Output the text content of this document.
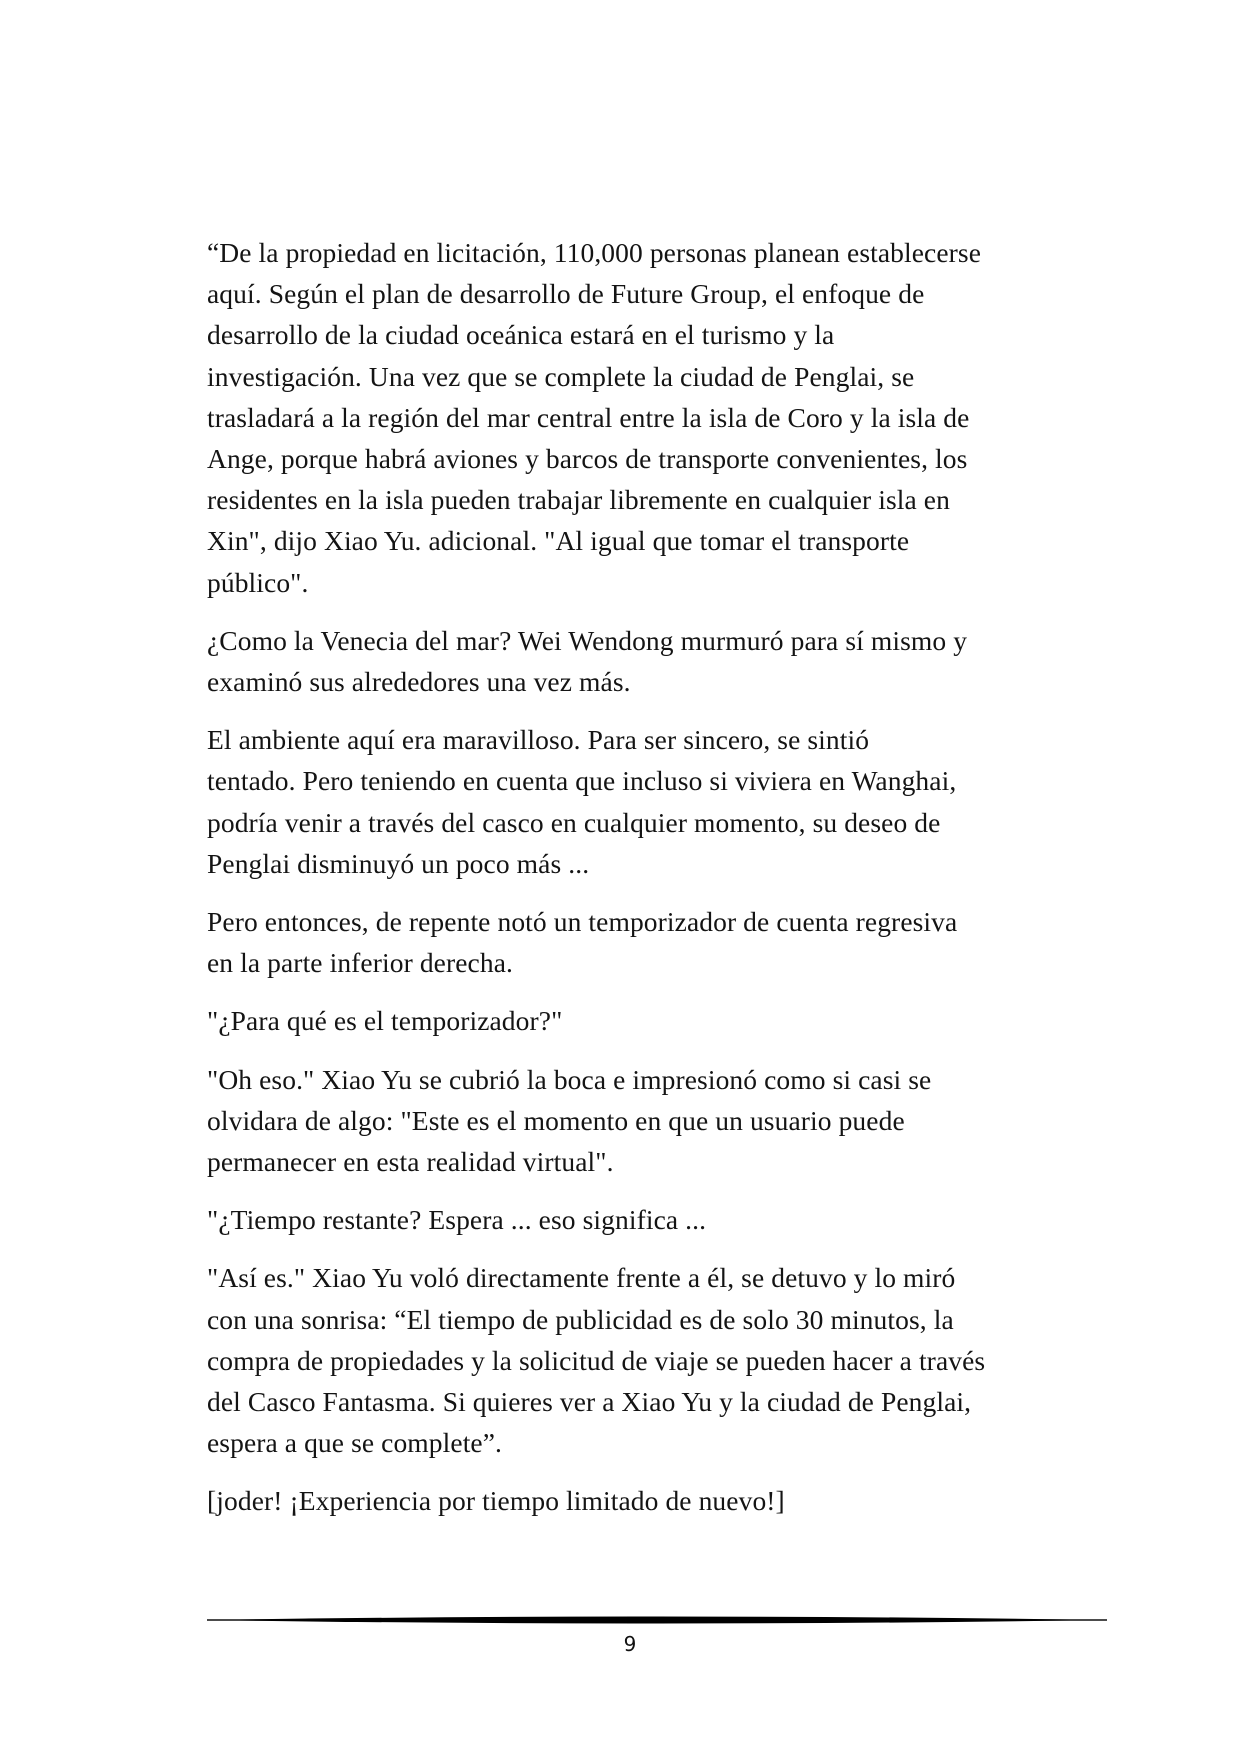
“De la propiedad en licitación, 110,000 personas planean establecerse
aquí. Según el plan de desarrollo de Future Group, el enfoque de
desarrollo de la ciudad oceánica estará en el turismo y la
investigación. Una vez que se complete la ciudad de Penglai, se
trasladará a la región del mar central entre la isla de Coro y la isla de
Ange, porque habrá aviones y barcos de transporte convenientes, los
residentes en la isla pueden trabajar libremente en cualquier isla en
Xin", dijo Xiao Yu. adicional. "Al igual que tomar el transporte
público".

¿Como la Venecia del mar? Wei Wendong murmuró para sí mismo y
examinó sus alrededores una vez más.

El ambiente aquí era maravilloso. Para ser sincero, se sintió
tentado. Pero teniendo en cuenta que incluso si viviera en Wanghai,
podría venir a través del casco en cualquier momento, su deseo de
Penglai disminuyó un poco más ...

Pero entonces, de repente notó un temporizador de cuenta regresiva
en la parte inferior derecha.

"¿Para qué es el temporizador?"

"Oh eso." Xiao Yu se cubrió la boca e impresionó como si casi se
olvidara de algo: "Este es el momento en que un usuario puede
permanecer en esta realidad virtual".

"¿Tiempo restante? Espera ... eso significa ...

"Así es." Xiao Yu voló directamente frente a él, se detuvo y lo miró
con una sonrisa: “El tiempo de publicidad es de solo 30 minutos, la
compra de propiedades y la solicitud de viaje se pueden hacer a través
del Casco Fantasma. Si quieres ver a Xiao Yu y la ciudad de Penglai,
espera a que se complete”.

[joder! ¡Experiencia por tiempo limitado de nuevo!]

9
